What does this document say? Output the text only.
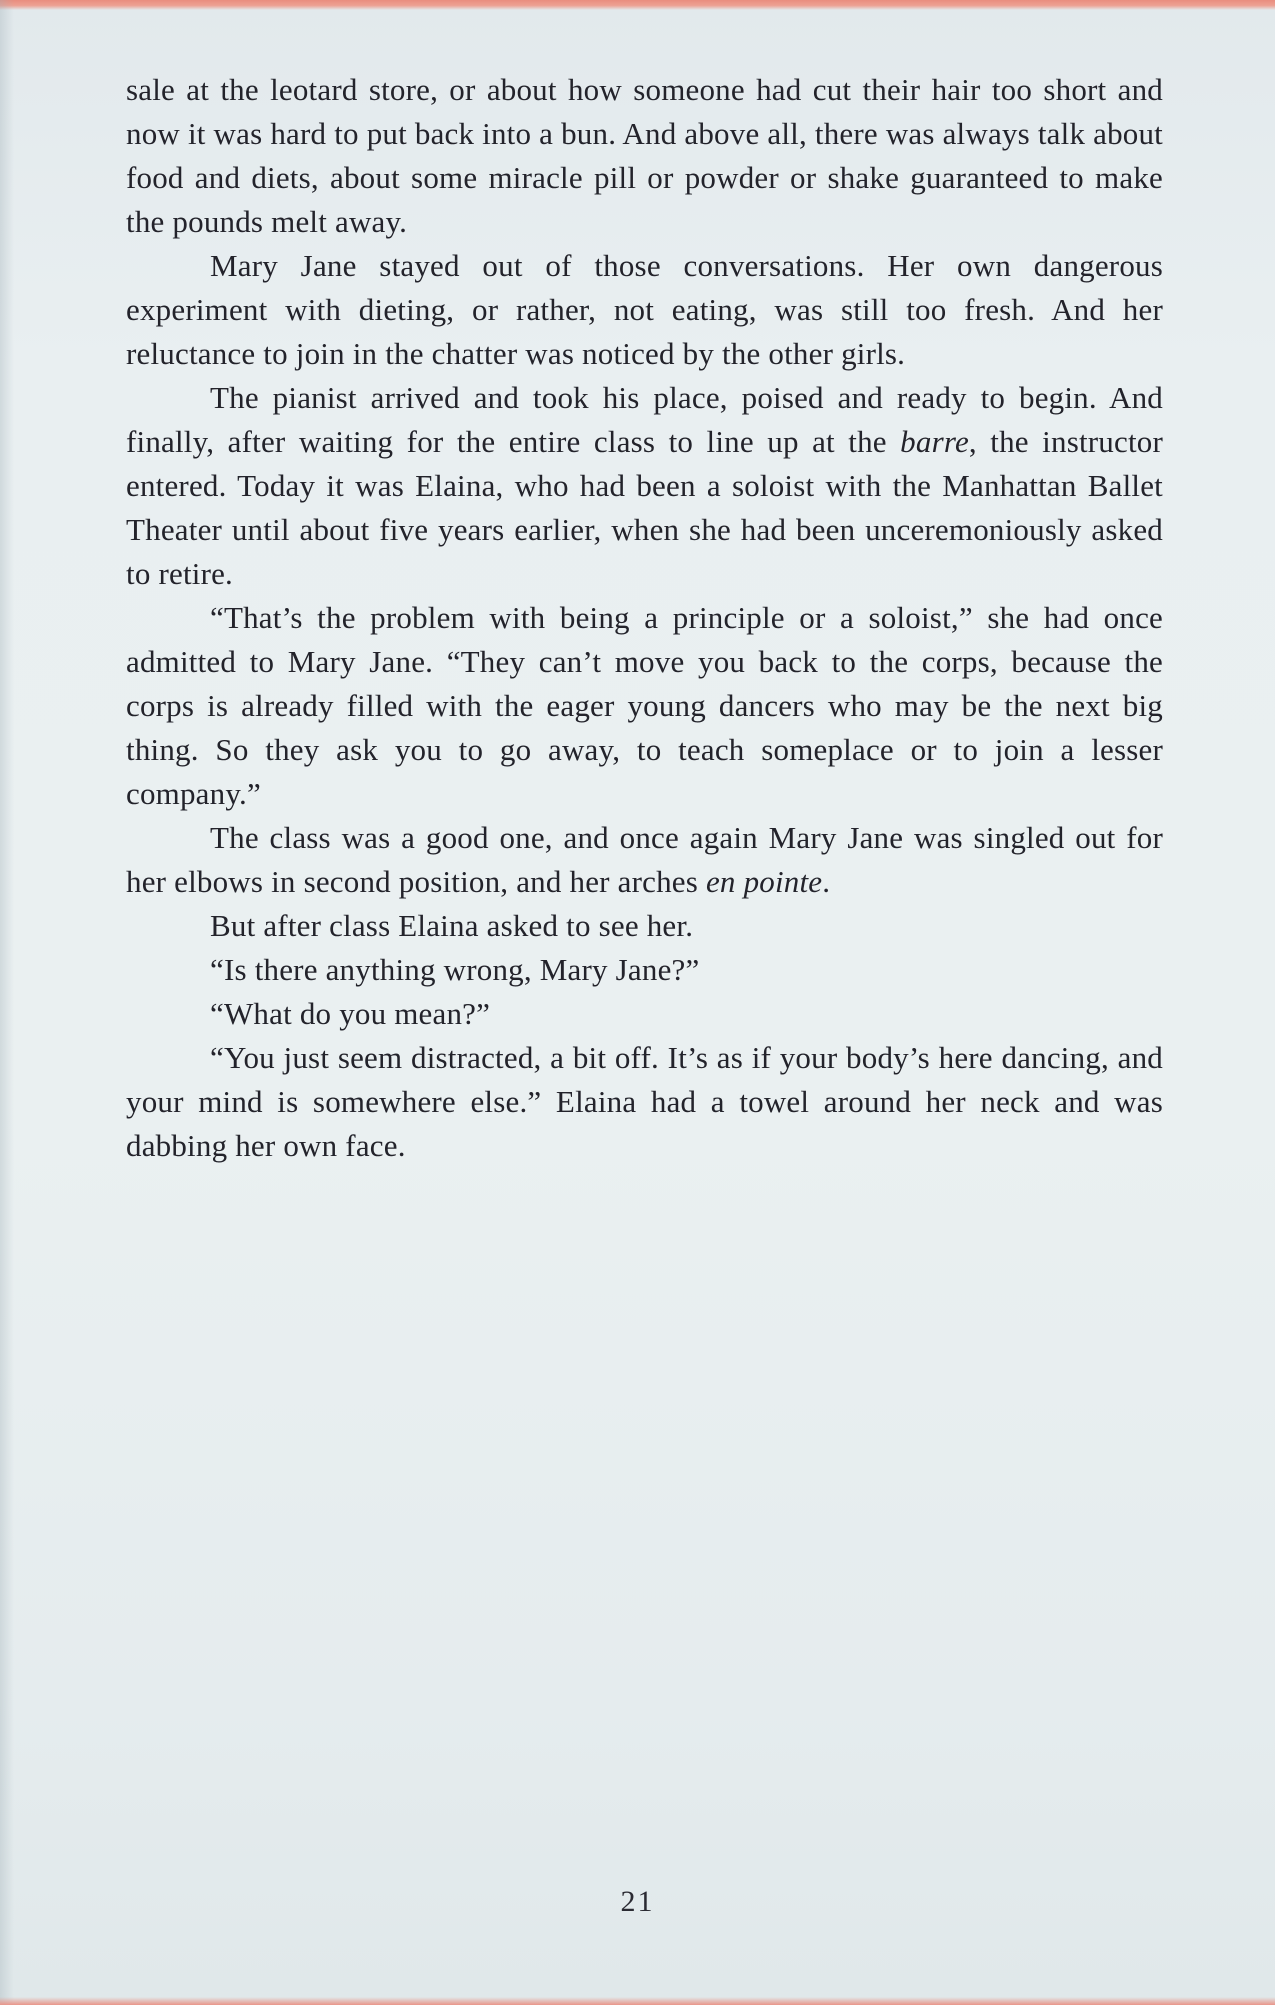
sale at the leotard store, or about how someone had cut their hair too short and now it was hard to put back into a bun. And above all, there was always talk about food and diets, about some miracle pill or powder or shake guaranteed to make the pounds melt away.

Mary Jane stayed out of those conversations. Her own dangerous experiment with dieting, or rather, not eating, was still too fresh. And her reluctance to join in the chatter was noticed by the other girls.

The pianist arrived and took his place, poised and ready to begin. And finally, after waiting for the entire class to line up at the barre, the instructor entered. Today it was Elaina, who had been a soloist with the Manhattan Ballet Theater until about five years earlier, when she had been unceremoniously asked to retire.

“That’s the problem with being a principle or a soloist,” she had once admitted to Mary Jane. “They can’t move you back to the corps, because the corps is already filled with the eager young dancers who may be the next big thing. So they ask you to go away, to teach someplace or to join a lesser company.”

The class was a good one, and once again Mary Jane was singled out for her elbows in second position, and her arches en pointe.

But after class Elaina asked to see her.

“Is there anything wrong, Mary Jane?”

“What do you mean?”

“You just seem distracted, a bit off. It’s as if your body’s here dancing, and your mind is somewhere else.” Elaina had a towel around her neck and was dabbing her own face.

21
